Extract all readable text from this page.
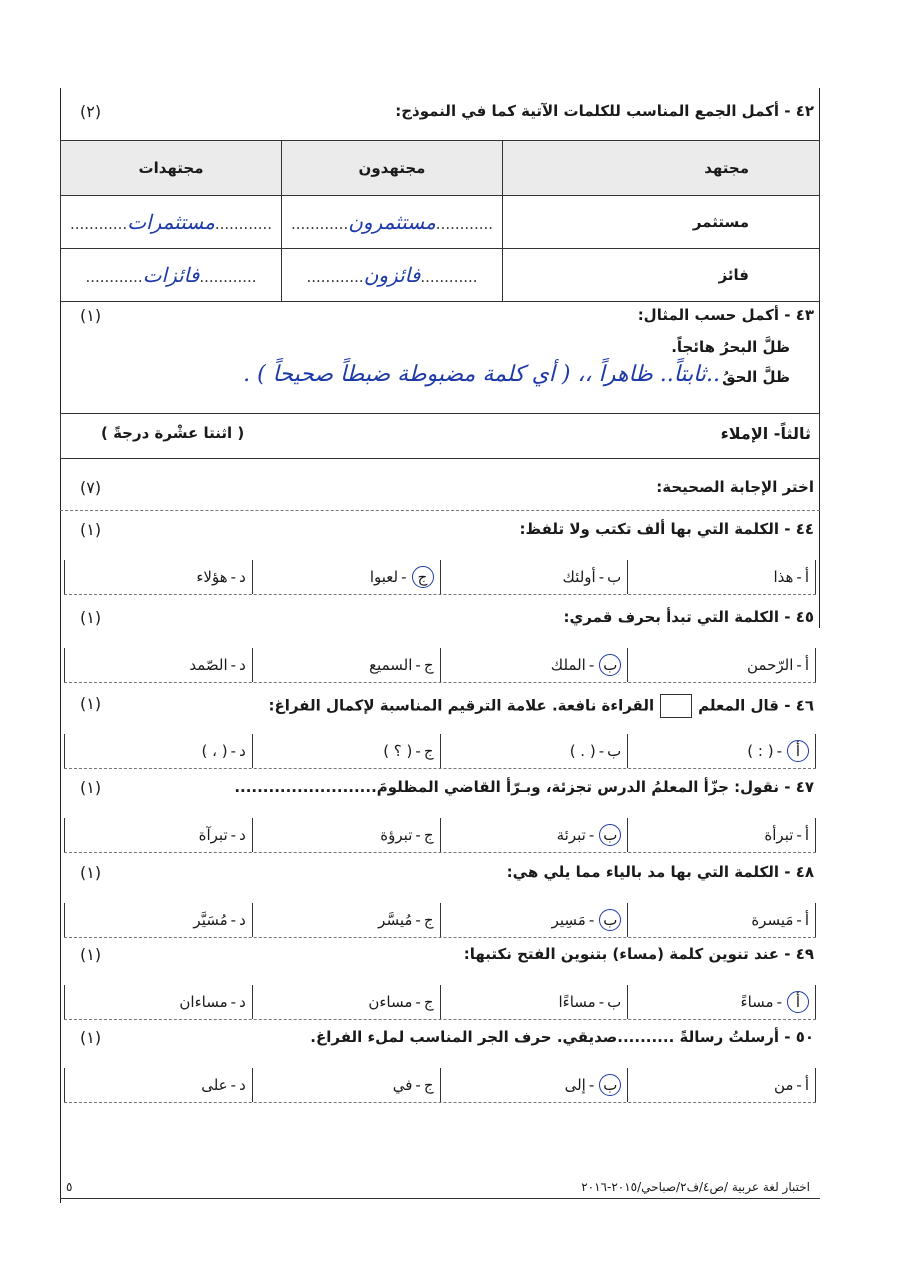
٤٢ - أكمل الجمع المناسب للكلمات الآتية كما في النموذج:
(٢)
مجتهد	مجتهدون	مجتهدات
مستثمر	............مستثمرون............	............مستثمرات............
فائز	............فائزون............	............فائزات............
٤٣ - أكمل حسب المثال:
(١)
ظلَّ البحرُ هائجاً.
ظلَّ الحقُ
..ثابتاً.. ظاهراً ،، ( أي كلمة مضبوطة ضبطاً صحيحاً ) .
ثالثاً- الإملاء
( اثنتا عشْرة درجةً )
اختر الإجابة الصحيحة:
(٧)
٤٤ - الكلمة التي بها ألف تكتب ولا تلفظ:
(١)
أ
-
هذا
ب
-
أولئك
ج
-
لعبوا
د
-
هؤلاء
٤٥ - الكلمة التي تبدأ بحرف قمري:
(١)
أ
-
الرّحمن
ب
-
الملك
ج
-
السميع
د
-
الصّمد
٤٦ - قال المعلمالقراءة نافعة. علامة الترقيم المناسبة لإكمال الفراغ:
(١)
أ
-
( : )
ب
-
( . )
ج
-
( ؟ )
د
-
( ، )
٤٧ - نقول: جزّأ المعلمُ الدرس تجزئة، وبـرّأ القاضي المظلومَ.........................
(١)
أ
-
تبرأة
ب
-
تبرئة
ج
-
تبرؤة
د
-
تبرآة
٤٨ - الكلمة التي بها مد بالياء مما يلي هي:
(١)
أ
-
مَيسرة
ب
-
مَسِير
ج
-
مُيسَّر
د
-
مُسَيَّر
٤٩ - عند تنوين كلمة (مساء) بتنوين الفتح نكتبها:
(١)
أ
-
مساءً
ب
-
مساءًا
ج
-
مساءن
د
-
مساءان
٥٠ - أرسلتُ رسالةً ..........صديقي. حرف الجر المناسب لملء الفراغ.
(١)
أ
-
من
ب
-
إلى
ج
-
في
د
-
على
اختبار لغة عربية /ص٤/ف٢/صباحي/٢٠١٥-٢٠١٦
٥
